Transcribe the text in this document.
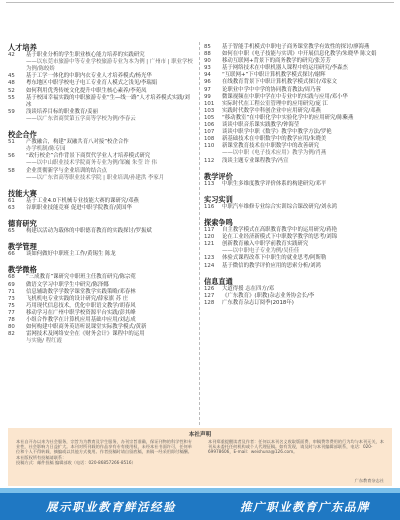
人才培养
42	基于职业分析的学生职业核心能力培养的实践研究
——以东莞市旅游中等专业学校旅游专业为本为例 | 广州市 | 职业学校为例/陈皎娇
45	基于工学一体化的中职内衣专业人才培养模式/杨光华
48	粤东地区中职学校电子电工专业育人模式之浅见/李瑞娟
52	如何利用优秀传统文化提升中职生核心素养/李苑凤
55	基于校园幸福实践的中职旅游专业“生—线一路”人才培养模式实践/刘冰
59	浅谈培养目标的职业教育/姜丽
——以广东省商贸第五学高等学校为例/李春云
校企合作
51	产教融合，构建“双融共育八对接”校企合作
办学机制/陈专园
56	“政行校企”合作背景下商贸代学业人才培养模式研究
——以中山职业技术学院商务专业为例/邹巍 朱莹 许 伟
58	企业贯彻新学与企业培训的结合点
——以广东省高等职业技术学院 | 职业培训/孙建洪 李家月
技能大赛
61	基于工业4.0下机械专业技能大赛的课研究/邓燕
63	谷职职业技能竞赛 促进中职学院教育/黄国华
德育研究
65	构建以活动为载体的中职德育教育的实践探讨/罗振斌
教学管理
66	谈如何做好中职班主工作/黄锡生 陈龙
教学微格
68	“三成教育”课研究中职班主任教育研究/陈宗菀
69	做语文学习中职学生中研究/陈泽娜
71	信息辅助数学学数学课堂教学实践策略/邓春林
73	飞机机电专业实践的设计研究/薛家旗 苏 庄
75	巧用现代信息技术，优化中职语文教学/胡春风
77	移动学习在广州中职学校资源平台实践/彭其峰
78	小组合作教学在计算机应用基础中应用/刘志成
80	如何构建中职商务英语听说课堂实际教学模式/黄新
82	雷网技术及网络安全在《财务会计》课程中的运用
与实施/ 程红霞
85	基于智能手机模式中职电子商务课堂教学有效性的探讨/廖海燕
88	如何在中职《电子技能与实训》中开展信息化教学/朱晓华 陈文娟
90	移动互联网+背景下的商务教学的研究/张芳芳
93	基于网络技术在中职机器人课程中的运用研究/李森杰
94	“互联网+”下中职计算机教学模式探讨/谢辉
96	在线教育背景下中职计算机教学模式探讨/邓家文
97	论职业中学中中学的协同教育教法/周乃蓉
99	微课视频在中职中学在中专业中的实践与应用/邓小华
101	实际时代在工程公室管理中的应用研究/庞 江
103	实践时代数学中科创企业中应用研究/邓燕
105	“移动教室”在中职化学中实验化学中的应用研究/陈紫燕
106	谈谈中职音乐课实践教学/钟海莹
107	谈谈中职学中职《数学》教学中教学方法/罗艳
108	新基础技术在中职数学中的教学应用/朱晓美
110	新课堂教育技术在中职数学中的改善研究
——以中职《电子技术应用》教学为例/肖燕
112	浅谈主题专业课程教学/冯宣
教学评价
113	中职生多维度教学评价体系的构建研究/邓平
实习实训
116	中职汽车维修专业综合实训综合课改研究/刘永鸿
探索争鸣
117	自主教学模式在高职教育教学中的运用研究/蒋艳
120	论在工业经济新模式下中职数学教学的思考/刘锦
121	创新教育融入中职学前教育实践研究
——以中职电子专业为例/吴佳佳
123	体验式课程改革下中职生的就业思考/阿斯勒
124	基于微信的教学评价应用的思索分析/刘鸿
信息直通
126	大道得援 志在四方/邓
127	《广东教育》(职教)杂志业务协会长/李
128	广东教育杂志订阅季(2018年)
本社声明
本社自开办以来为社会服务，宗旨为为教育及学生服务，办刊宗旨准确，保证刊物的科学性和专业性，社会影响力日益扩大。本刊对所刊载的作品享有专有使用权，未经本社书面许可，任何单位和个人不得转载、摘编或以其他方式使用。作者投稿时请自留底稿，来稿一经采用即付稿酬。
本社版权所有投稿请联系：
投稿方式：邮件投稿 编辑部收（电话：020-86857266-8516）
本刊郑重提醒读者及作者：任何以本刊名义收取版面费、审稿费等费用的行为均与本刊无关，本刊从未委托任何机构或个人代理征稿。如有发现，请及时与本刊编辑部联系，电话：020-69978606，E-mail：weishuna@126.com。
广东教育杂志社
展示职业教育鲜活经验	推广职业教育广东品牌
